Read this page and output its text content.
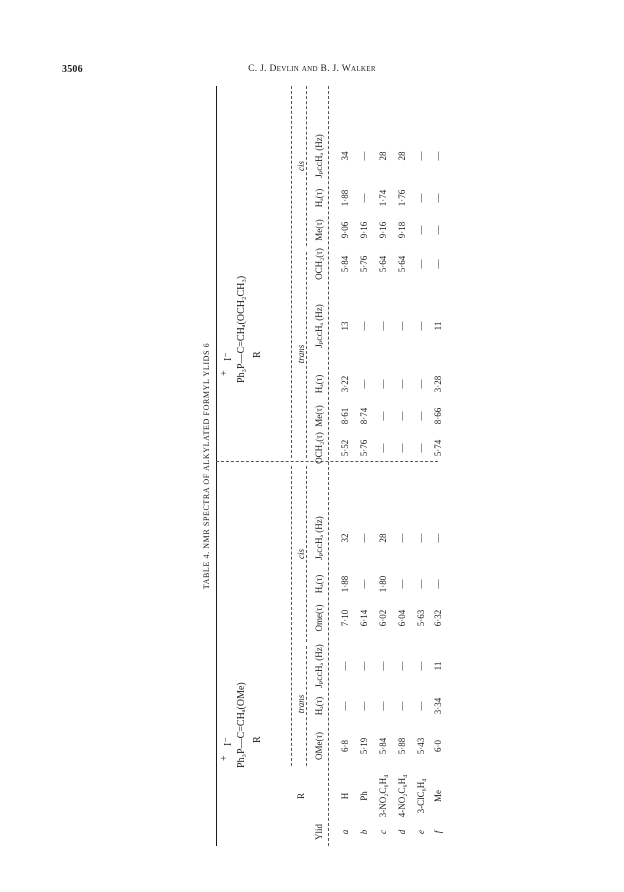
3506	C. J. Devlin and B. J. Walker
TABLE 4. NMR SPECTRA OF ALKYLATED FORMYL YLIDS 6
+
I⁻ Ph₃P—C=CHₐ(OMe) R
+
I⁻ Ph₃P—C=CHₐ(OCH₂CH₃) R
trans
cis
trans
cis
Ylid
R
OMe(τ)
Hₐ(τ)
JₚᴄᴄHₐ (Hz)
Ome(τ)
Hₐ(τ)
JₚᴄᴄHₐ (Hz)
OCH₂(τ)
Me(τ)
Hₐ(τ)
JₚᴄᴄHₐ (Hz)
OCH₂(τ)
Me(τ)
Hₐ(τ)
JₚᴄᴄHₐ (Hz)
a
H
6·8
—
—
7·10
1·88
32
5·52
8·61
3·22
13
5·84
9·06
1·88
34
b
Ph
5·19
—
—
6·14
—
—
5·76
8·74
—
—
5·76
9·16
—
—
c
3-NO₂C₆H₄
5·84
—
—
6·02
1·80
28
—
—
—
—
5·64
9·16
1·74
28
d
4-NO₂C₆H₄
5·88
—
—
6·04
—
—
—
—
—
—
5·64
9·18
1·76
28
e
3-ClC₆H₄
5·43
—
—
5·63
—
—
—
—
—
—
—
—
—
—
f
Me
6·0
3·34
11
6·32
—
—
5·74
8·66
3·28
11
—
—
—
—
